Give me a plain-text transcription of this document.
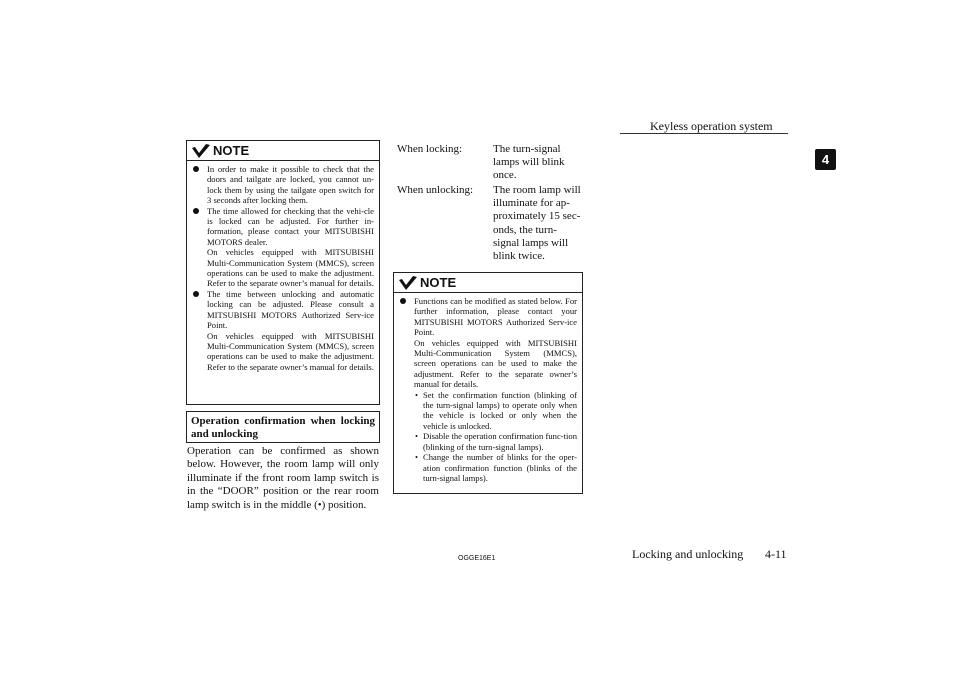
Keyless operation system
4
NOTE

In order to make it possible to check that the doors and tailgate are locked, you cannot un-lock them by using the tailgate open switch for 3 seconds after locking them.

The time allowed for checking that the vehi-cle is locked can be adjusted. For further in-formation, please contact your MITSUBISHI MOTORS dealer.

On vehicles equipped with MITSUBISHI Multi-Communication System (MMCS), screen operations can be used to make the adjustment. Refer to the separate owner’s manual for details.

The time between unlocking and automatic locking can be adjusted. Please consult a MITSUBISHI MOTORS Authorized Serv-ice Point.

On vehicles equipped with MITSUBISHI Multi-Communication System (MMCS), screen operations can be used to make the adjustment. Refer to the separate owner’s manual for details.

Operation confirmation when locking and unlocking
Operation can be confirmed as shown below. However, the room lamp will only illuminate if the front room lamp switch is in the “DOOR” position or the rear room lamp switch is in the middle (•) position.
When locking:	The turn-signal lamps will blink once.
When unlocking:	The room lamp will illuminate for ap-proximately 15 sec-onds, the turn-signal lamps will blink twice.
NOTE

Functions can be modified as stated below. For further information, please contact your MITSUBISHI MOTORS Authorized Serv-ice Point.

On vehicles equipped with MITSUBISHI Multi-Communication System (MMCS), screen operations can be used to make the adjustment. Refer to the separate owner’s manual for details.

• Set the confirmation function (blinking of the turn-signal lamps) to operate only when the vehicle is locked or only when the vehicle is unlocked.

• Disable the operation confirmation func-tion (blinking of the turn-signal lamps).

• Change the number of blinks for the oper-ation confirmation function (blinks of the turn-signal lamps).

OGGE16E1	Locking and unlocking 4-11
